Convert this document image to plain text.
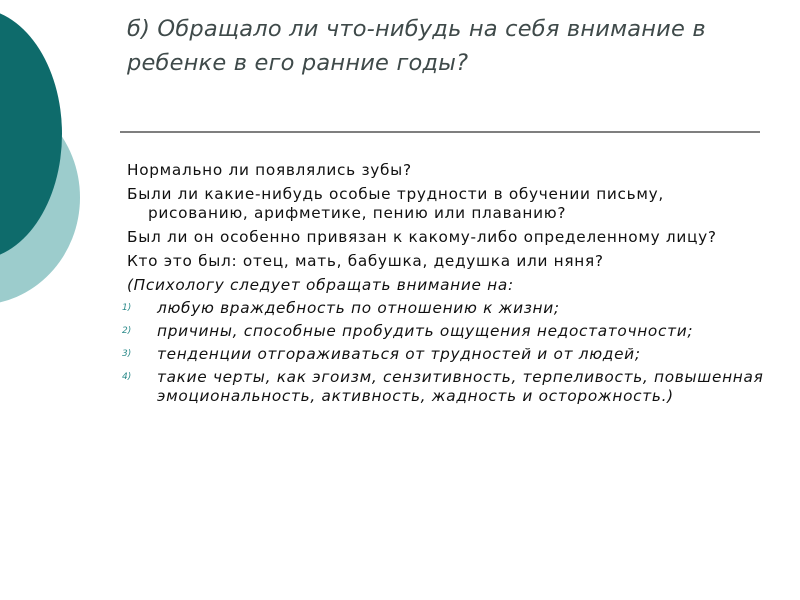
б) Обращало ли что-нибудь на себя внимание в
ребенке в его ранние годы?

Нормально ли появлялись зубы?

Были ли какие-нибудь особые трудности в обучении письму, рисованию, арифметике, пению или плаванию?

Был ли он особенно привязан к какому-либо определенному лицу?

Кто это был: отец, мать, бабушка, дедушка или няня?

(Психологу следует обращать внимание на:

1) любую враждебность по отношению к жизни;
2) причины, способные пробудить ощущения недостаточности;
3) тенденции отгораживаться от трудностей и от людей;
4) такие черты, как эгоизм, сензитивность, терпеливость, повышенная эмоциональность, активность, жадность и осторожность.)
